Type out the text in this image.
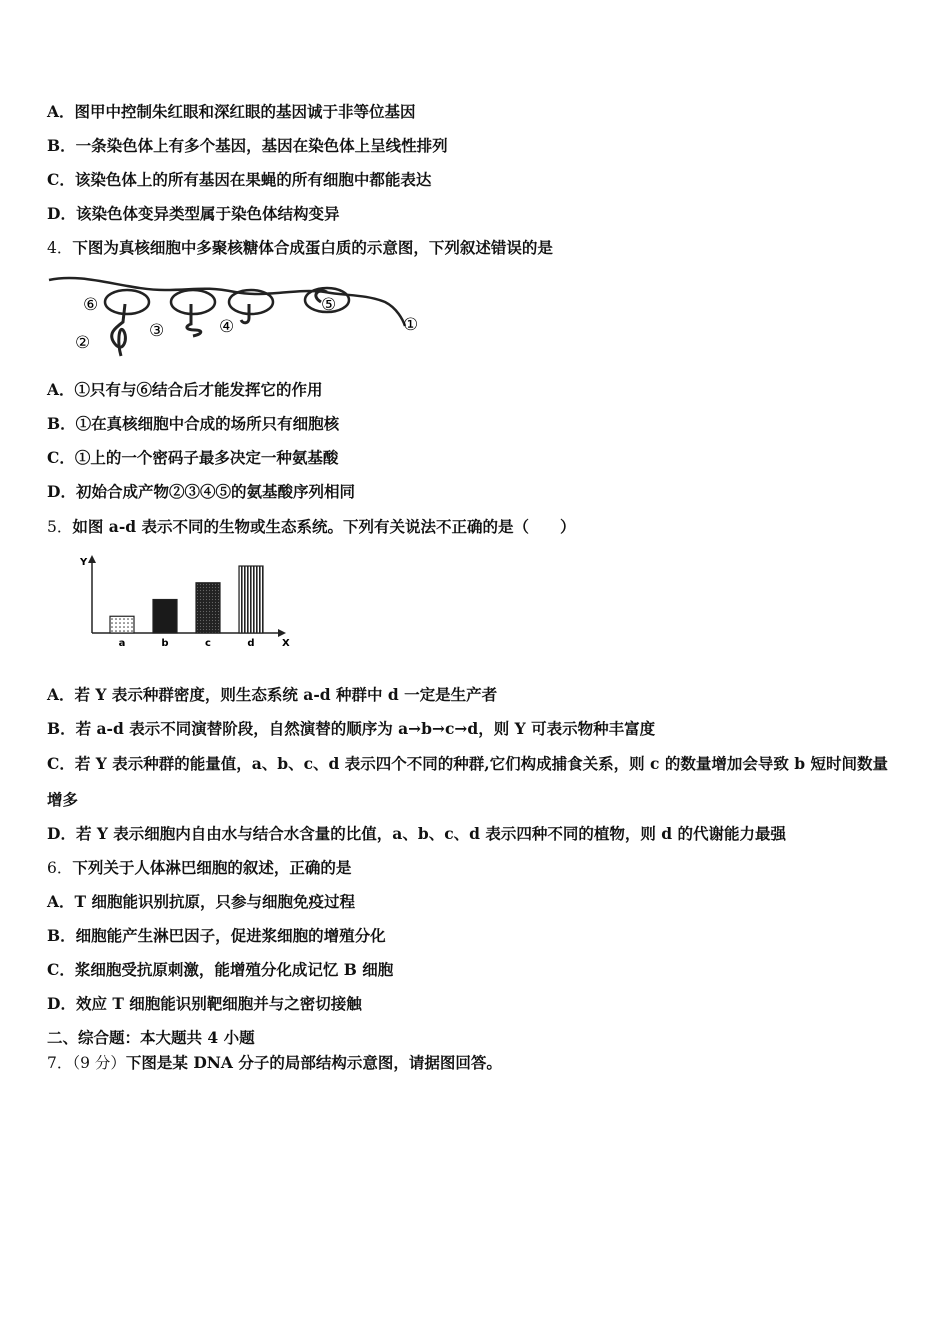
A．图甲中控制朱红眼和深红眼的基因诚于非等位基因
B．一条染色体上有多个基因，基因在染色体上呈线性排列
C．该染色体上的所有基因在果蝇的所有细胞中都能表达
D．该染色体变异类型属于染色体结构变异
4．下图为真核细胞中多聚核糖体合成蛋白质的示意图，下列叙述错误的是
⑥
②
③	④
⑤
①
A．①只有与⑥结合后才能发挥它的作用
B．①在真核细胞中合成的场所只有细胞核
C．①上的一个密码子最多决定一种氨基酸
D．初始合成产物②③④⑤的氨基酸序列相同
5．如图 a-d 表示不同的生物或生态系统。下列有关说法不正确的是（　　）
Y
X
a	b	c	d
A．若 Y 表示种群密度，则生态系统 a-d 种群中 d 一定是生产者
B．若 a-d 表示不同演替阶段，自然演替的顺序为 a→b→c→d，则 Y 可表示物种丰富度
C．若 Y 表示种群的能量值，a、b、c、d 表示四个不同的种群,它们构成捕食关系，则 c 的数量增加会导致 b 短时间数量
增多
D．若 Y 表示细胞内自由水与结合水含量的比值，a、b、c、d 表示四种不同的植物，则 d 的代谢能力最强
6．下列关于人体淋巴细胞的叙述，正确的是
A．T 细胞能识别抗原，只参与细胞免疫过程
B．细胞能产生淋巴因子，促进浆细胞的增殖分化
C．浆细胞受抗原刺激，能增殖分化成记忆 B 细胞
D．效应 T 细胞能识别靶细胞并与之密切接触
二、综合题：本大题共 4 小题
7．（9 分）下图是某 DNA 分子的局部结构示意图，请据图回答。
